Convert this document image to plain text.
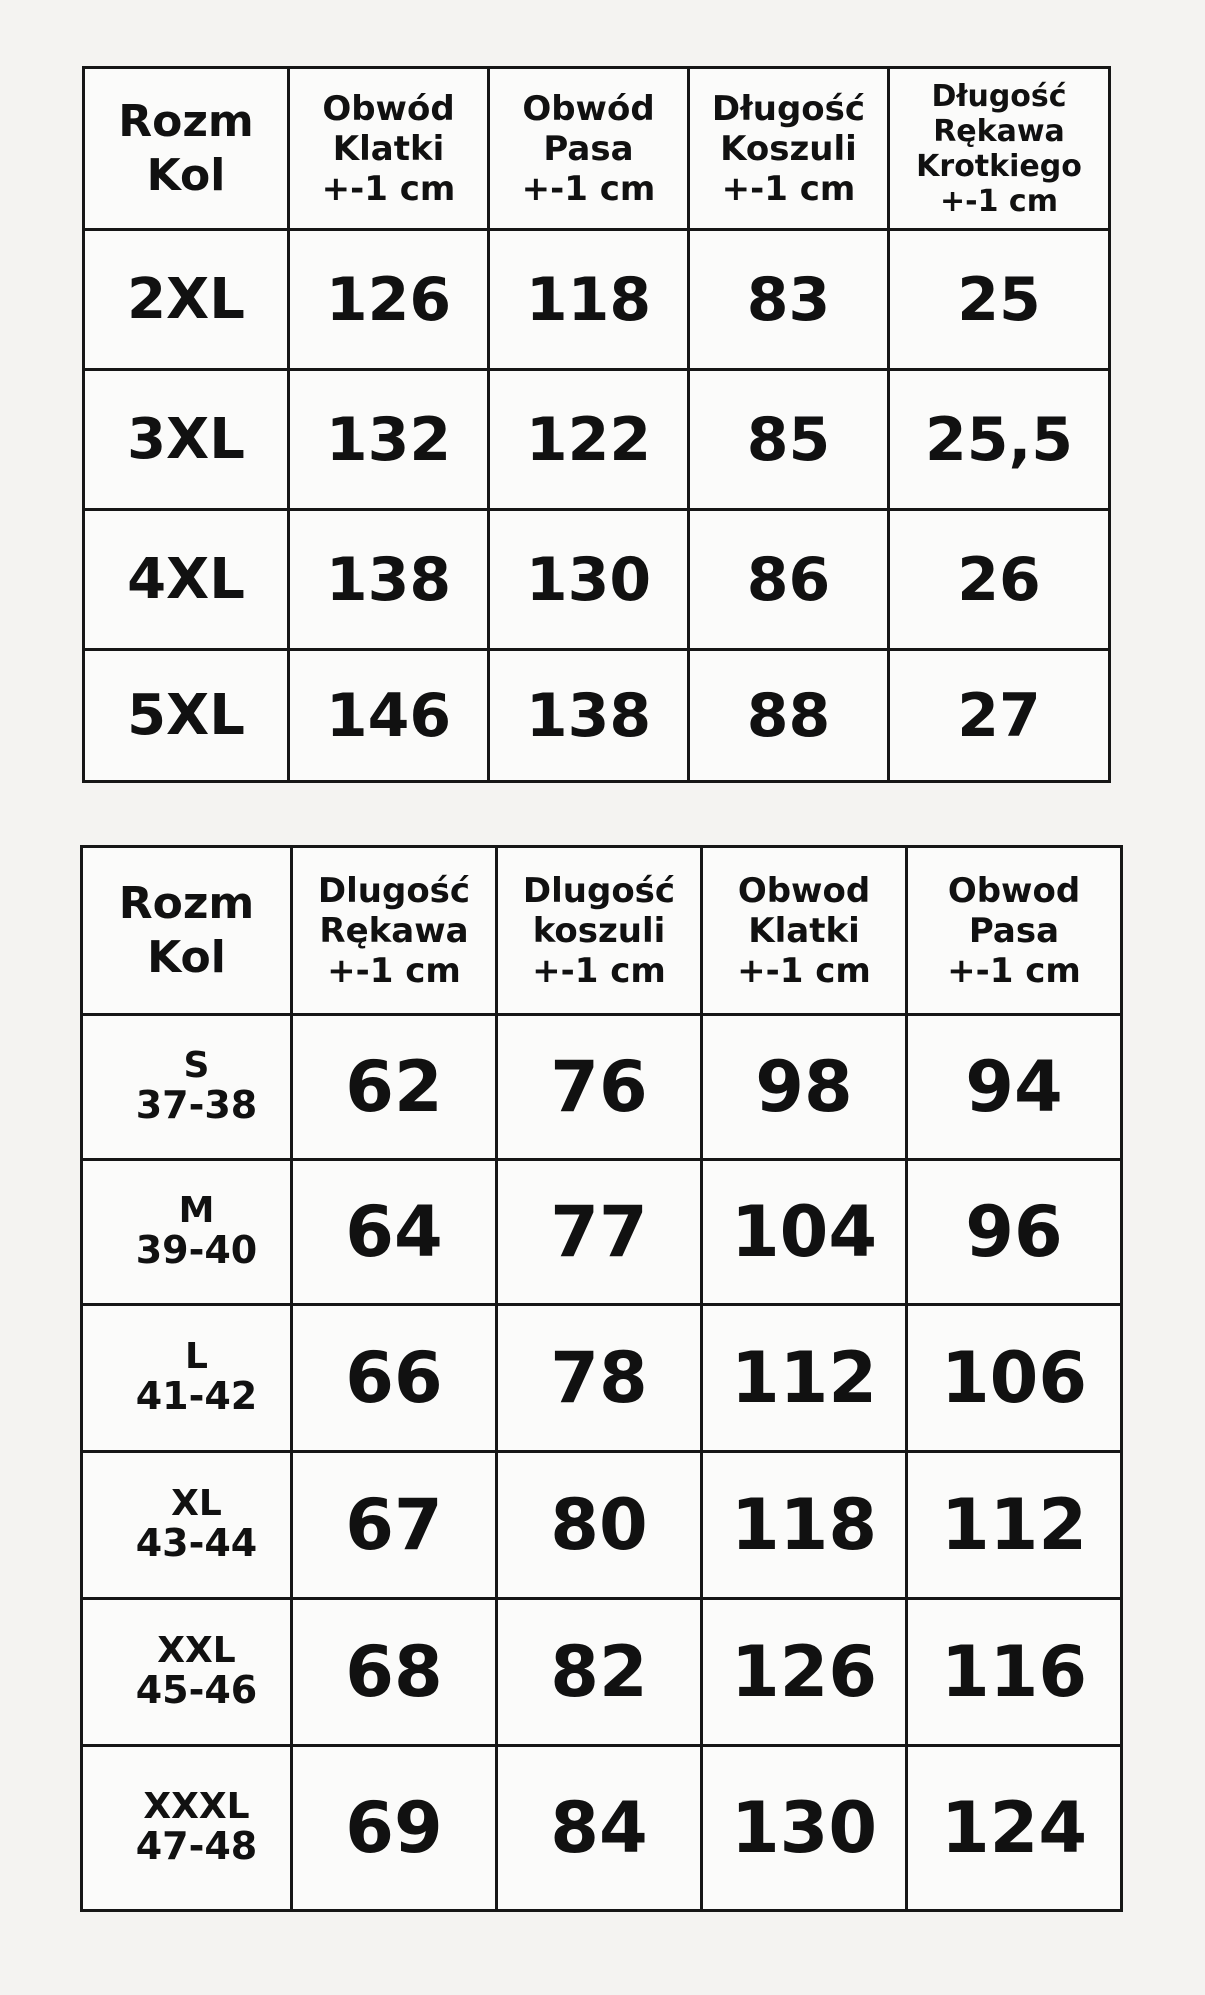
Rozm
Kol	Obwód
Klatki
+-1 cm	Obwód
Pasa
+-1 cm	Długość
Koszuli
+-1 cm	Długość
Rękawa
Krotkiego
+-1 cm
2XL	126	118	83	25
3XL	132	122	85	25,5
4XL	138	130	86	26
5XL	146	138	88	27
Rozm
Kol	Dlugość
Rękawa
+-1 cm	Dlugość
koszuli
+-1 cm	Obwod
Klatki
+-1 cm	Obwod
Pasa
+-1 cm

S
37-38	62	76	98	94

M
39-40	64	77	104	96

L
41-42	66	78	112	106

XL
43-44	67	80	118	112

XXL
45-46	68	82	126	116

XXXL
47-48	69	84	130	124
